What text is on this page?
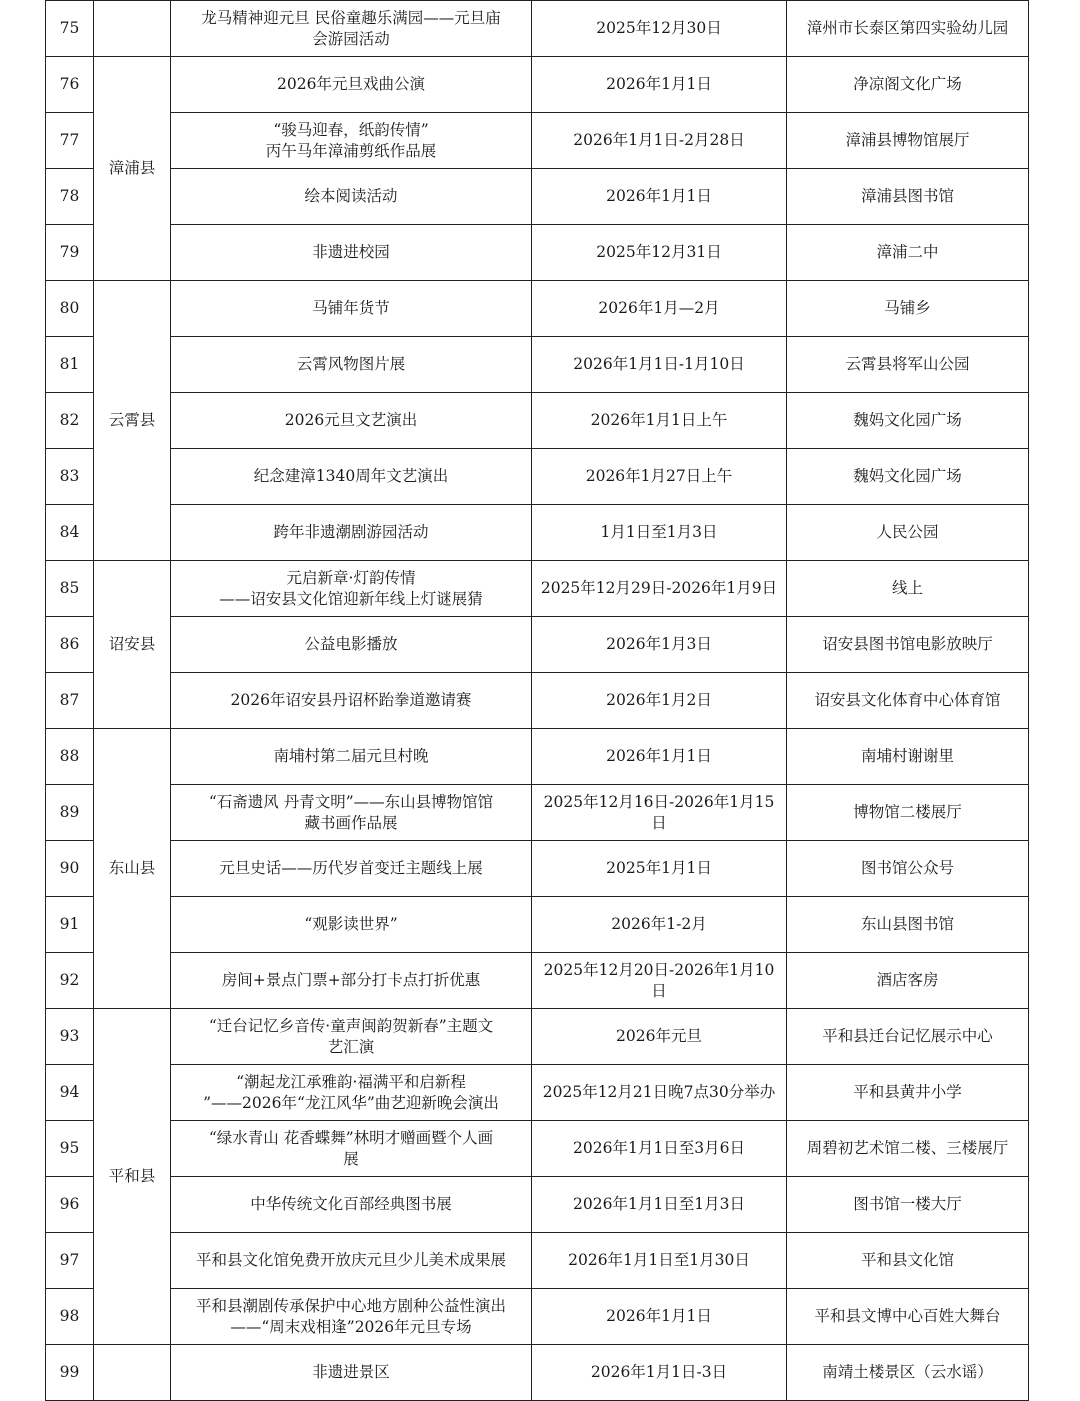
75		龙马精神迎元旦 民俗童趣乐满园——元旦庙
会游园活动	2025年12月30日	漳州市长泰区第四实验幼儿园
76	漳浦县	2026年元旦戏曲公演	2026年1月1日	净凉阁文化广场
77		“骏马迎春，纸韵传情”
丙午马年漳浦剪纸作品展	2026年1月1日-2月28日	漳浦县博物馆展厅
78		绘本阅读活动	2026年1月1日	漳浦县图书馆
79		非遗进校园	2025年12月31日	漳浦二中
80	云霄县	马铺年货节	2026年1月—2月	马铺乡
81		云霄风物图片展	2026年1月1日-1月10日	云霄县将军山公园
82		2026元旦文艺演出	2026年1月1日上午	魏妈文化园广场
83		纪念建漳1340周年文艺演出	2026年1月27日上午	魏妈文化园广场
84		跨年非遗潮剧游园活动	1月1日至1月3日	人民公园
85	诏安县	元启新章·灯韵传情
——诏安县文化馆迎新年线上灯谜展猜	2025年12月29日-2026年1月9日	线上
86		公益电影播放	2026年1月3日	诏安县图书馆电影放映厅
87		2026年诏安县丹诏杯跆拳道邀请赛	2026年1月2日	诏安县文化体育中心体育馆
88	东山县	南埔村第二届元旦村晚	2026年1月1日	南埔村谢谢里
89		“石斋遗风 丹青文明”——东山县博物馆馆
藏书画作品展	2025年12月16日-2026年1月15日	博物馆二楼展厅
90		元旦史话——历代岁首变迁主题线上展	2025年1月1日	图书馆公众号
91		“观影读世界”	2026年1-2月	东山县图书馆
92		房间+景点门票+部分打卡点打折优惠	2025年12月20日-2026年1月10日	酒店客房
93	平和县	“迁台记忆乡音传·童声闽韵贺新春”主题文
艺汇演	2026年元旦	平和县迁台记忆展示中心
94		“潮起龙江承雅韵·福满平和启新程
”——2026年“龙江风华”曲艺迎新晚会演出	2025年12月21日晚7点30分举办	平和县黄井小学
95		“绿水青山 花香蝶舞”林明才赠画暨个人画
展	2026年1月1日至3月6日	周碧初艺术馆二楼、三楼展厅
96		中华传统文化百部经典图书展	2026年1月1日至1月3日	图书馆一楼大厅
97		平和县文化馆免费开放庆元旦少儿美术成果展	2026年1月1日至1月30日	平和县文化馆
98		平和县潮剧传承保护中心地方剧种公益性演出
——“周末戏相逢”2026年元旦专场	2026年1月1日	平和县文博中心百姓大舞台
99		非遗进景区	2026年1月1日-3日	南靖土楼景区（云水谣）
